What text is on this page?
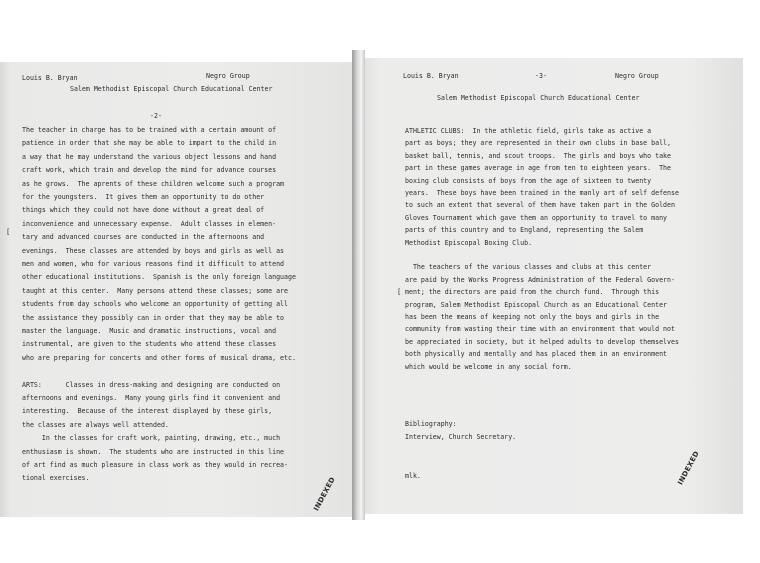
Louis B. Bryan	Negro Group
Salem Methodist Episcopal Church Educational Center
-2-
The teacher in charge has to be trained with a certain amount of
patience in order that she may be able to impart to the child in
a way that he may understand the various object lessons and hand
craft work, which train and develop the mind for advance courses
as he grows.  The aprents of these children welcome such a program
for the youngsters.  It gives them an opportunity to do other
things which they could not have done without a great deal of
inconvenience and unnecessary expense.  Adult classes in elemen-
tary and advanced courses are conducted in the afternoons and
evenings.  These classes are attended by boys and girls as well as
men and women, who for various reasons find it difficult to attend
other educational institutions.  Spanish is the only foreign language
taught at this center.  Many persons attend these classes; some are
students from day schools who welcome an opportunity of getting all
the assistance they possibly can in order that they may be able to
master the language.  Music and dramatic instructions, vocal and
instrumental, are given to the students who attend these classes
who are preparing for concerts and other forms of musical drama, etc.
ARTS:      Classes in dress-making and designing are conducted on
afternoons and evenings.  Many young girls find it convenient and
interesting.  Because of the interest displayed by these girls,
the classes are always well attended.
In the classes for craft work, painting, drawing, etc., much
enthusiasm is shown.  The students who are instructed in this line
of art find as much pleasure in class work as they would in recrea-
tional exercises.
[
INDEXED
Louis B. Bryan	-3-	Negro Group
Salem Methodist Episcopal Church Educational Center
ATHLETIC CLUBS:  In the athletic field, girls take as active a
part as boys; they are represented in their own clubs in base ball,
basket ball, tennis, and scout troops.  The girls and boys who take
part in these games average in age from ten to eighteen years.  The
boxing club consists of boys from the age of sixteen to twenty
years.  These boys have been trained in the manly art of self defense
to such an extent that several of them have taken part in the Golden
Gloves Tournament which gave them an opportunity to travel to many
parts of this country and to England, representing the Salem
Methodist Episcopal Boxing Club.
The teachers of the various classes and clubs at this center
are paid by the Works Progress Administration of the Federal Govern-
ment; the directors are paid from the church fund.  Through this
program, Salem Methodist Episcopal Church as an Educational Center
has been the means of keeping not only the boys and girls in the
community from wasting their time with an environment that would not
be appreciated in society, but it helped adults to develop themselves
both physically and mentally and has placed them in an environment
which would be welcome in any social form.
[
Bibliography:
Interview, Church Secretary.
mlk.	INDEXED
